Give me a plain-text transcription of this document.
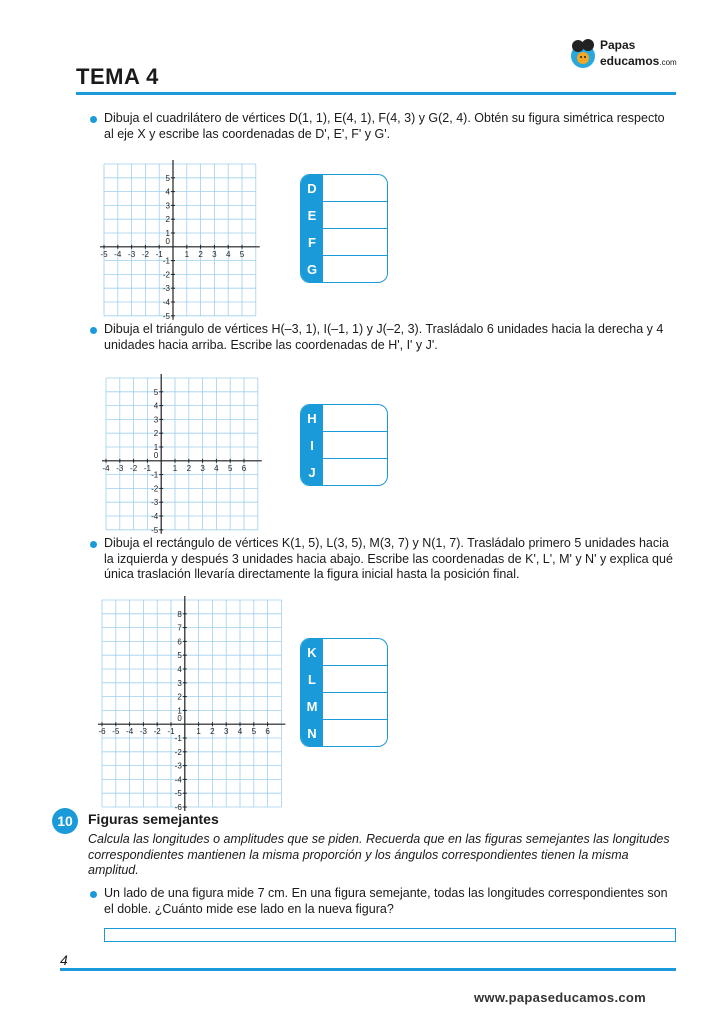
TEMA 4
Papas
educamos.com
Dibuja el cuadrilátero de vértices D(1, 1), E(4, 1), F(4, 3) y G(2, 4). Obtén su figura simétrica respecto al eje X y escribe las coordenadas de D', E', F' y G'.
-5 -4 -3 -2 -1	1 2 3 4 5
-5
-4
-3
-2
-1
1
2
3
4
5
0
D
E
F
G
Dibuja el triángulo de vértices H(–3, 1), I(–1, 1) y J(–2, 3). Trasládalo 6 unidades hacia la derecha y 4 unidades hacia arriba. Escribe las coordenadas de H', I' y J'.
-4 -3 -2 -1	1 2 3 4 5 6
-5
-4
-3
-2
-1
1
2
3
4
5
0
H
I
J
Dibuja el rectángulo de vértices K(1, 5), L(3, 5), M(3, 7) y N(1, 7). Trasládalo primero 5 unidades hacia la izquierda y después 3 unidades hacia abajo. Escribe las coordenadas de K', L', M' y N' y explica qué única traslación llevaría directamente la figura inicial hasta la posición final.
-6 -5 -4 -3 -2 -1	1 2 3 4 5 6
-6
-5
-4
-3
-2
-1
1
2
3
4
5
6
7
8
0
K
L
M
N
10	Figuras semejantes
Calcula las longitudes o amplitudes que se piden. Recuerda que en las figuras semejantes las longitudes correspondientes mantienen la misma proporción y los ángulos correspondientes tienen la misma amplitud.
Un lado de una figura mide 7 cm. En una figura semejante, todas las longitudes correspondientes son el doble. ¿Cuánto mide ese lado en la nueva figura?
4
www.papaseducamos.com
